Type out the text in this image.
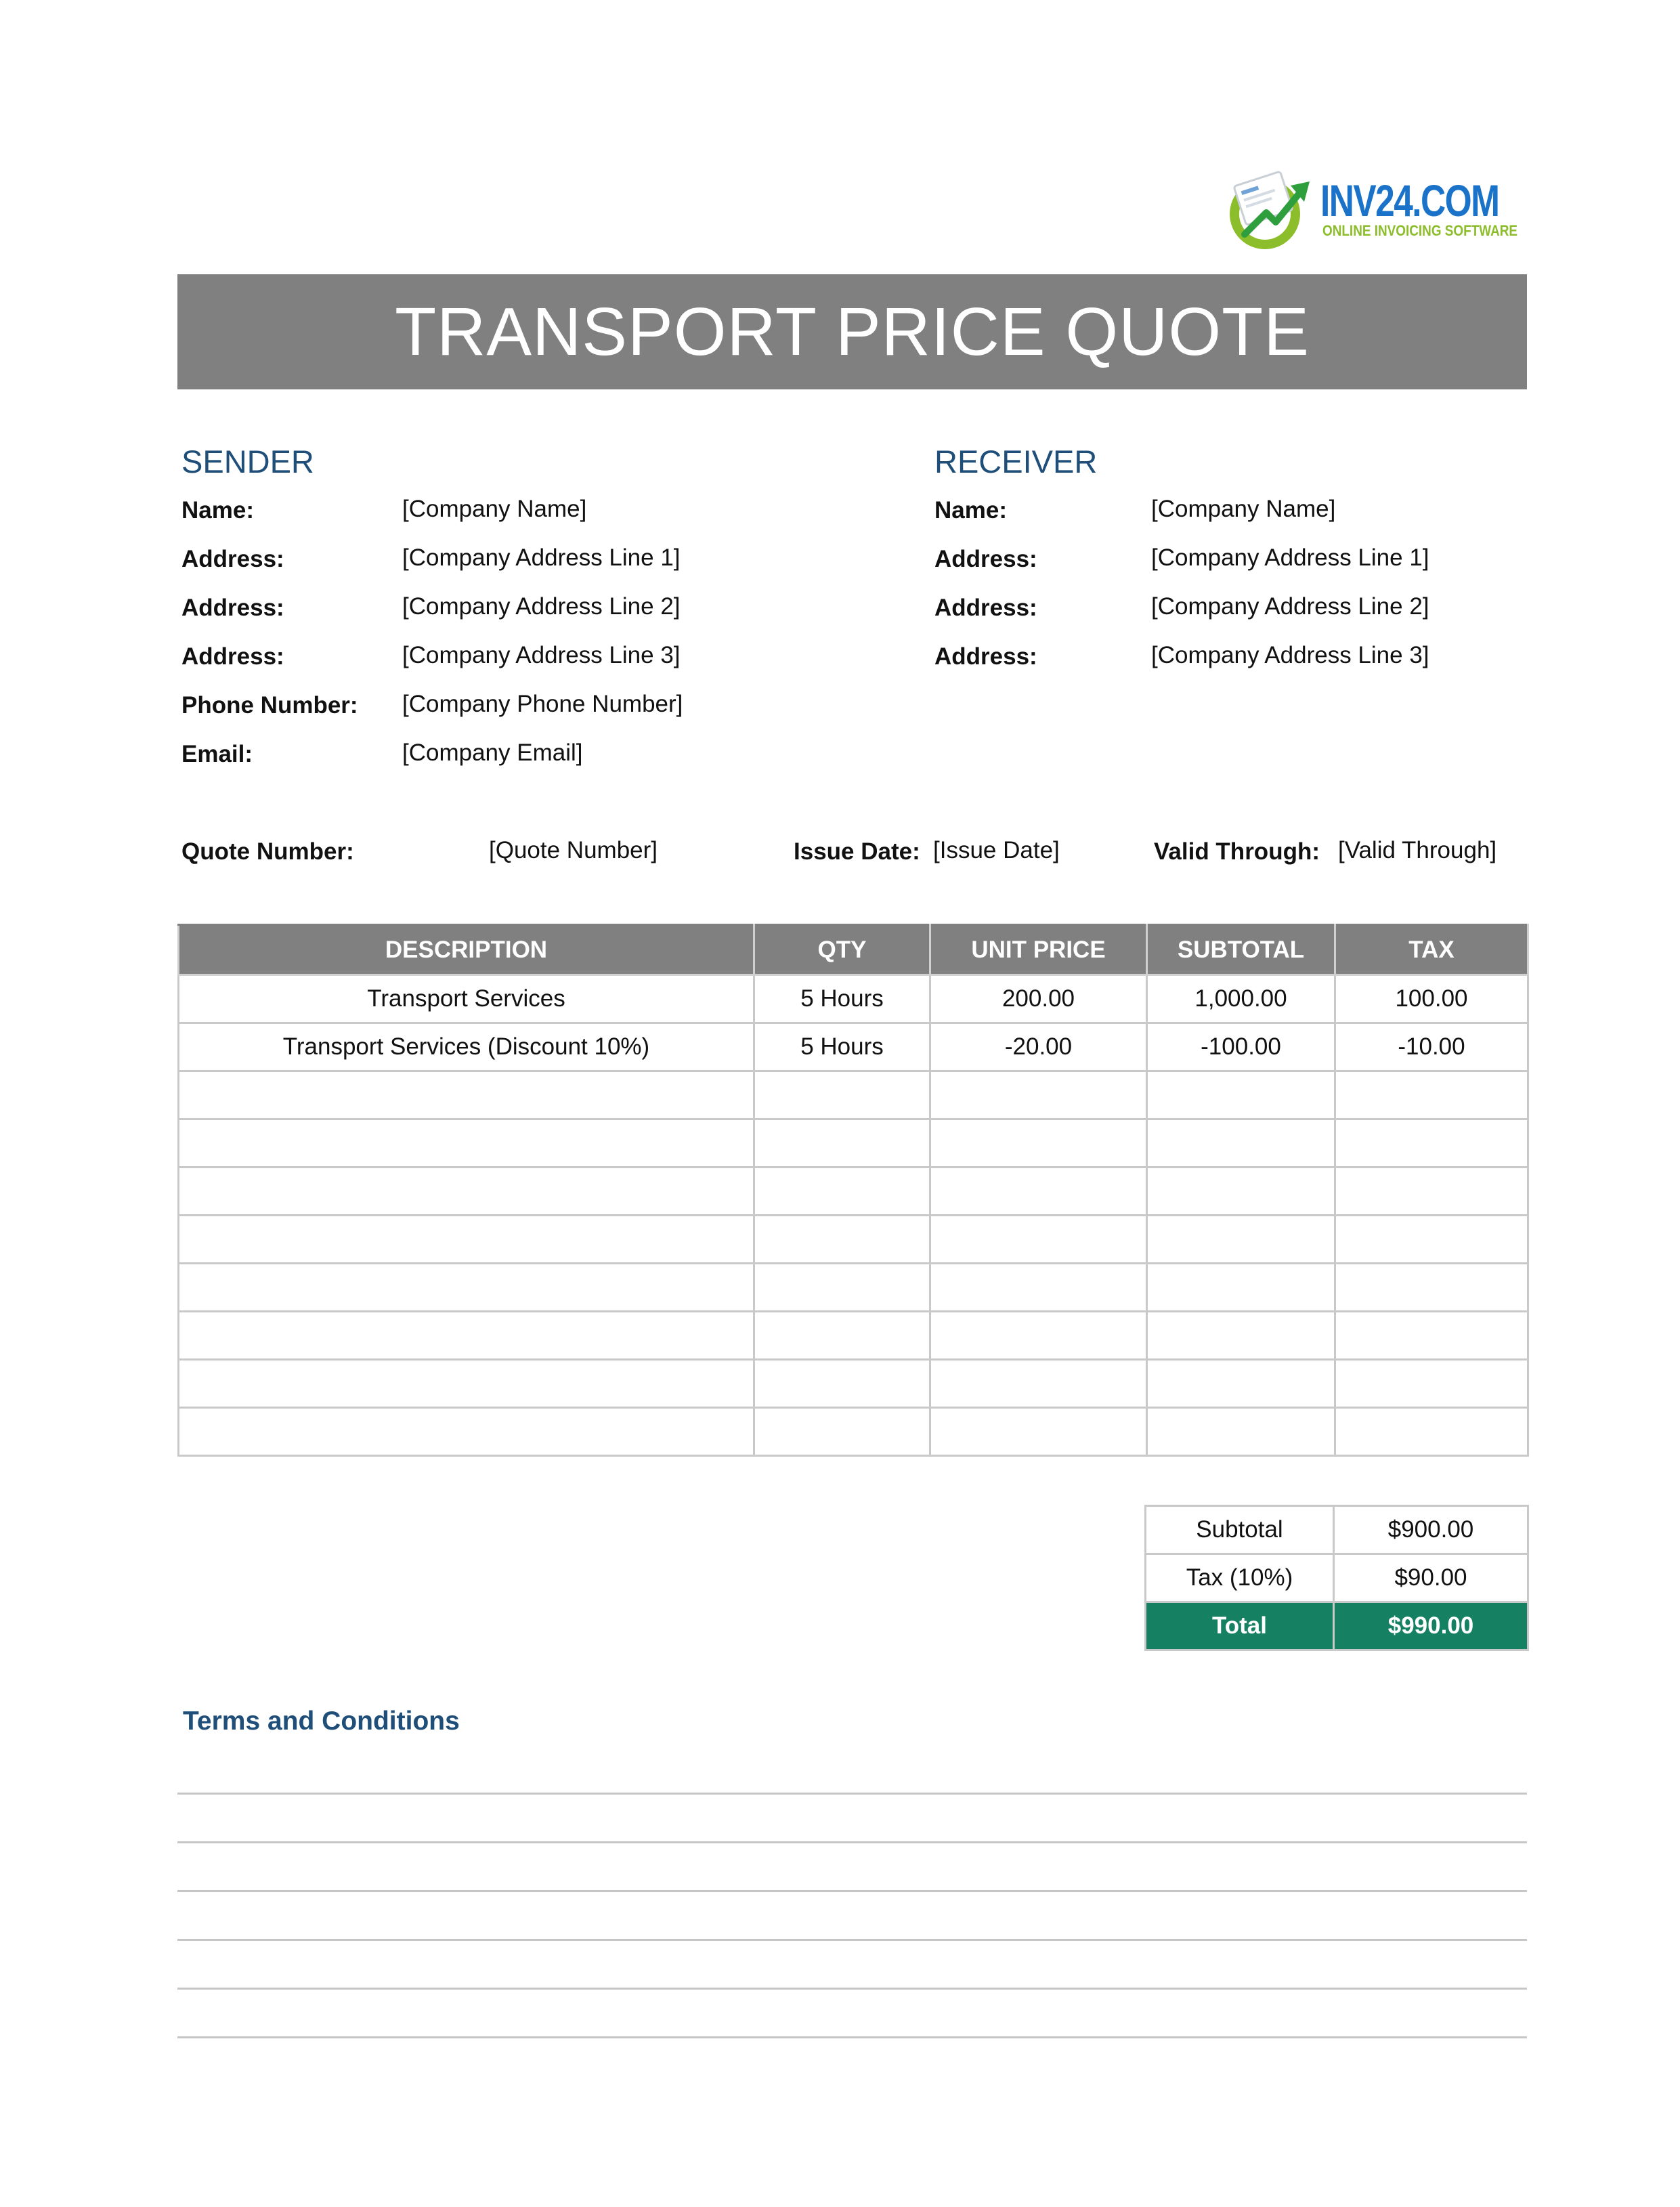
INV24.COM
ONLINE INVOICING SOFTWARE
TRANSPORT PRICE QUOTE
SENDER
Name:	[Company Name]
Address:	[Company Address Line 1]
Address:	[Company Address Line 2]
Address:	[Company Address Line 3]
Phone Number: [Company Phone Number]
Email:	[Company Email]
RECEIVER
Name:	[Company Name]
Address:	[Company Address Line 1]
Address:	[Company Address Line 2]
Address:	[Company Address Line 3]
Quote Number:	[Quote Number]	Issue Date: [Issue Date]	Valid Through: [Valid Through]
DESCRIPTION	QTY	UNIT PRICE	SUBTOTAL	TAX
Transport Services	5 Hours	200.00	1,000.00	100.00
Transport Services (Discount 10%)	5 Hours	-20.00	-100.00	-10.00

Subtotal	$900.00
Tax (10%)	$90.00
Total	$990.00
Terms and Conditions
